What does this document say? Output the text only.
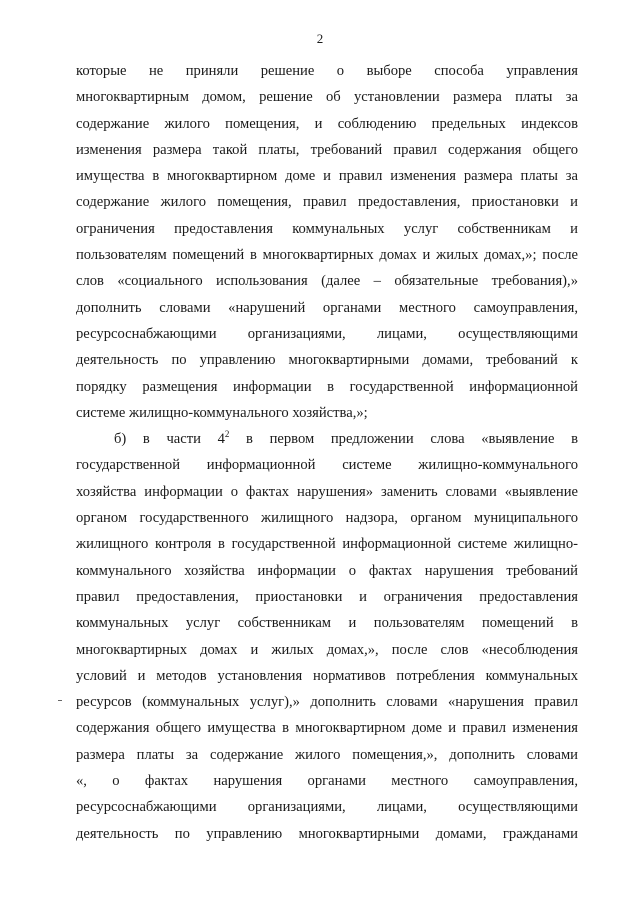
2
которые не приняли решение о выборе способа управления
многоквартирным домом, решение об установлении размера платы за
содержание жилого помещения, и соблюдению предельных индексов
изменения размера такой платы, требований правил содержания общего
имущества в многоквартирном доме и правил изменения размера платы за
содержание жилого помещения, правил предоставления, приостановки и
ограничения предоставления коммунальных услуг собственникам и
пользователям помещений в многоквартирных домах и жилых домах,»; после
слов «социального использования (далее – обязательные требования),»
дополнить словами «нарушений органами местного самоуправления,
ресурсоснабжающими организациями, лицами, осуществляющими
деятельность по управлению многоквартирными домами, требований к
порядку размещения информации в государственной информационной
системе жилищно-коммунального хозяйства,»;
б) в части $4^2$ в первом предложении слова «выявление в
государственной информационной системе жилищно-коммунального
хозяйства информации о фактах нарушения» заменить словами «выявление
органом государственного жилищного надзора, органом муниципального
жилищного контроля в государственной информационной системе жилищно-
коммунального хозяйства информации о фактах нарушения требований
правил предоставления, приостановки и ограничения предоставления
коммунальных услуг собственникам и пользователям помещений в
многоквартирных домах и жилых домах,», после слов «несоблюдения
условий и методов установления нормативов потребления коммунальных
ресурсов (коммунальных услуг),» дополнить словами «нарушения правил
содержания общего имущества в многоквартирном доме и правил изменения
размера платы за содержание жилого помещения,», дополнить словами
«, о фактах нарушения органами местного самоуправления,
ресурсоснабжающими организациями, лицами, осуществляющими
деятельность по управлению многоквартирными домами, гражданами
